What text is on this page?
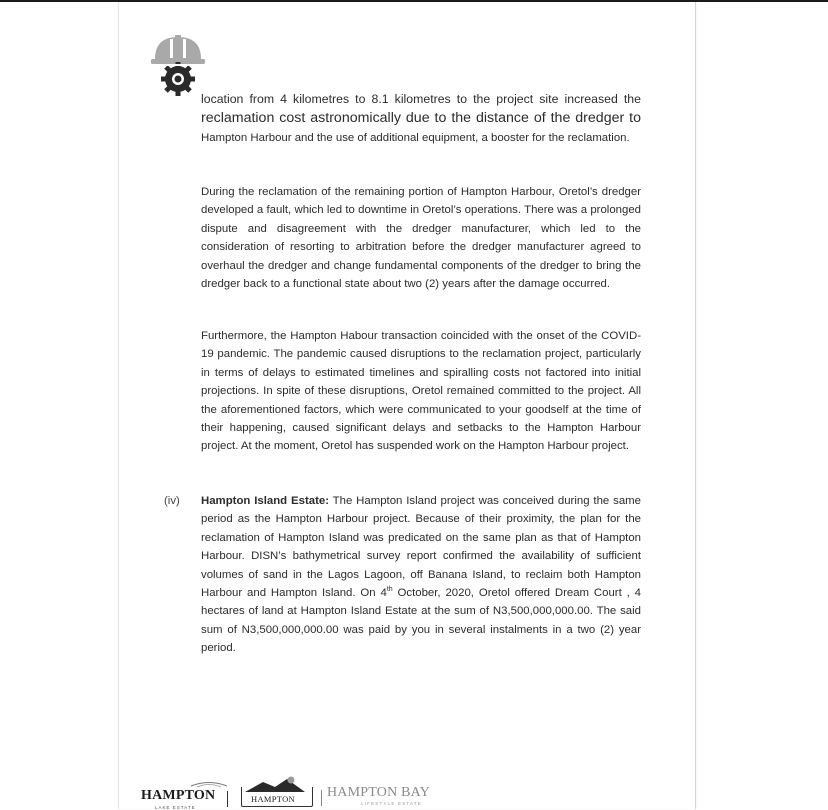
location from 4 kilometres to 8.1 kilometres to the project site increased the reclamation cost astronomically due to the distance of the dredger to Hampton Harbour and the use of additional equipment, a booster for the reclamation.
During the reclamation of the remaining portion of Hampton Harbour, Oretol’s dredger developed a fault, which led to downtime in Oretol’s operations. There was a prolonged dispute and disagreement with the dredger manufacturer, which led to the consideration of resorting to arbitration before the dredger manufacturer agreed to overhaul the dredger and change fundamental components of the dredger to bring the dredger back to a functional state about two (2) years after the damage occurred.
Furthermore, the Hampton Habour transaction coincided with the onset of the COVID-19 pandemic. The pandemic caused disruptions to the reclamation project, particularly in terms of delays to estimated timelines and spiralling costs not factored into initial projections. In spite of these disruptions, Oretol remained committed to the project. All the aforementioned factors, which were communicated to your goodself at the time of their happening, caused significant delays and setbacks to the Hampton Harbour project. At the moment, Oretol has suspended work on the Hampton Harbour project.
(iv) Hampton Island Estate: The Hampton Island project was conceived during the same period as the Hampton Harbour project. Because of their proximity, the plan for the reclamation of Hampton Island was predicated on the same plan as that of Hampton Harbour. DISN’s bathymetrical survey report confirmed the availability of sufficient volumes of sand in the Lagos Lagoon, off Banana Island, to reclaim both Hampton Harbour and Hampton Island. On 4th October, 2020, Oretol offered Dream Court , 4 hectares of land at Hampton Island Estate at the sum of N3,500,000,000.00. The said sum of N3,500,000,000.00 was paid by you in several instalments in a two (2) year period.
HAMPTON
LAKE ESTATE
HAMPTON HAMPTON BAY
LIFESTYLE ESTATE
